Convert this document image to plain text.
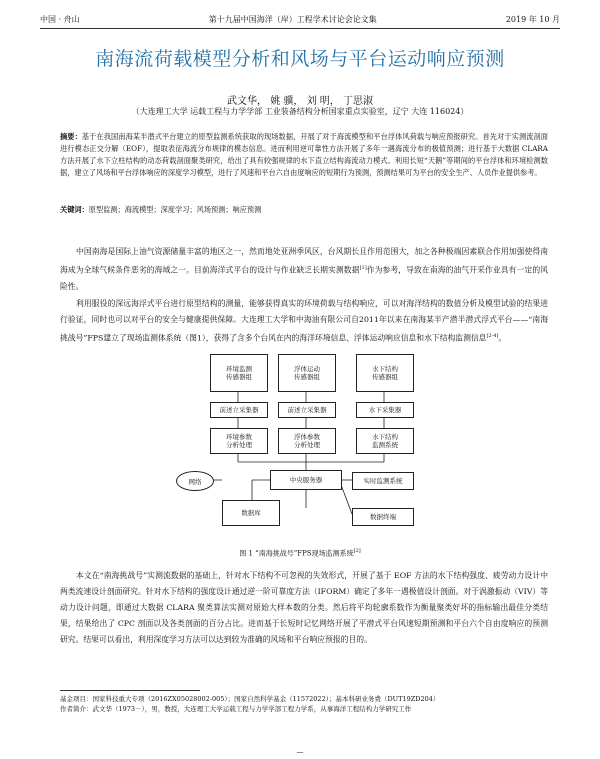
中国 · 舟山	第十九届中国海洋（岸）工程学术讨论会论文集	2019 年 10 月
南海流荷载模型分析和风场与平台运动响应预测
武文华， 姚 骥， 刘 明， 丁思淑
（大连理工大学 运载工程与力学学部 工业装备结构分析国家重点实验室，辽宁 大连 116024）
摘要：基于在我国南海某半潜式平台建立的原型监测系统获取的现场数据，开展了对于海流模型和平台浮体风荷载与响应预报研究。首先对于实测流剖面进行模态正交分解（EOF），提取表征海流分布规律的模态信息。进而利用逆可靠性方法开展了多年一遇海流分布的极值预测；进行基于大数据 CLARA 方法开展了水下立柱结构的动态荷载剖面聚类研究，给出了具有较强规律的水下直立结构海流动力模式。利用长短“天鹅”等期间的平台浮体和环境检测数据，建立了风场和平台浮体响应的深度学习模型，进行了风速和平台六自由度响应的短期行为预测，预测结果可为平台的安全生产、人员作业提供参考。
关键词：原型监测；海流模型；深度学习；风场预测；响应预测
中国南海是国际上油气资源储量丰富的地区之一，然而地处亚洲季风区，台风期长且作用范围大，加之各种极端因素联合作用加强使得南海成为全球气候条件恶劣的海域之一。目前海洋式平台的设计与作业缺乏长期实测数据[1]作为参考，导致在南海的油气开采作业具有一定的风险性。
利用服役的深远海浮式平台进行原型结构的测量，能够获得真实的环境荷载与结构响应，可以对海洋结构的数值分析及模型试验的结果进行验证，同时也可以对平台的安全与健康提供保障。大连理工大学和中海油有限公司自2011年以来在南海某半产潜半潜式浮式平台——“南海挑战号”FPS建立了现场监测体系统（图1），获得了含多个台风在内的海洋环境信息、浮体运动响应信息和水下结构监测信息[2-4]。
环境监测
传感器组
浮体运动
传感器组
水下结构
传感器组
前述立采集器	前述立采集器	水下采集器
环境参数
分析处理
浮体参数
分析处理
水下结构
监测系统
中央服务器
网络	实时监测系统
数据库	数据终端
图 1 “南海挑战号”FPS现场监测系统[2]
本文在“南海挑战号”实测流数据的基础上，针对水下结构不可忽视的失效形式，开展了基于 EOF 方法的水下结构强度、疲劳动力设计中两类流速设计剖面研究。针对水下结构的强度设计通过逆一阶可靠度方法（IFORM）确定了多年一遇极值设计剖面。对于涡激振动（VIV）等动力设计问题，即通过大数据 CLARA 聚类算法实测对原始大样本数的分类。然后将平均轮廓系数作为衡量聚类好坏的指标输出最佳分类结果，结果给出了 CPC 剖面以及各类剖面的百分占比。进而基于长短时记忆网络开展了平潜式平台风速短期预测和平台六个自由度响应的预测研究。结果可以看出，利用深度学习方法可以达到较为准确的风场和平台响应预报的目的。
基金项目：国家科技重大专项（2016ZX05028002-005）；国家自然科学基金（11572022）；基本科研业务费（DUT19ZD204）
作者简介：武文华（1973－），男，教授，大连理工大学运载工程与力学学部工程力学系，从事海洋工程结构力学研究工作
—
